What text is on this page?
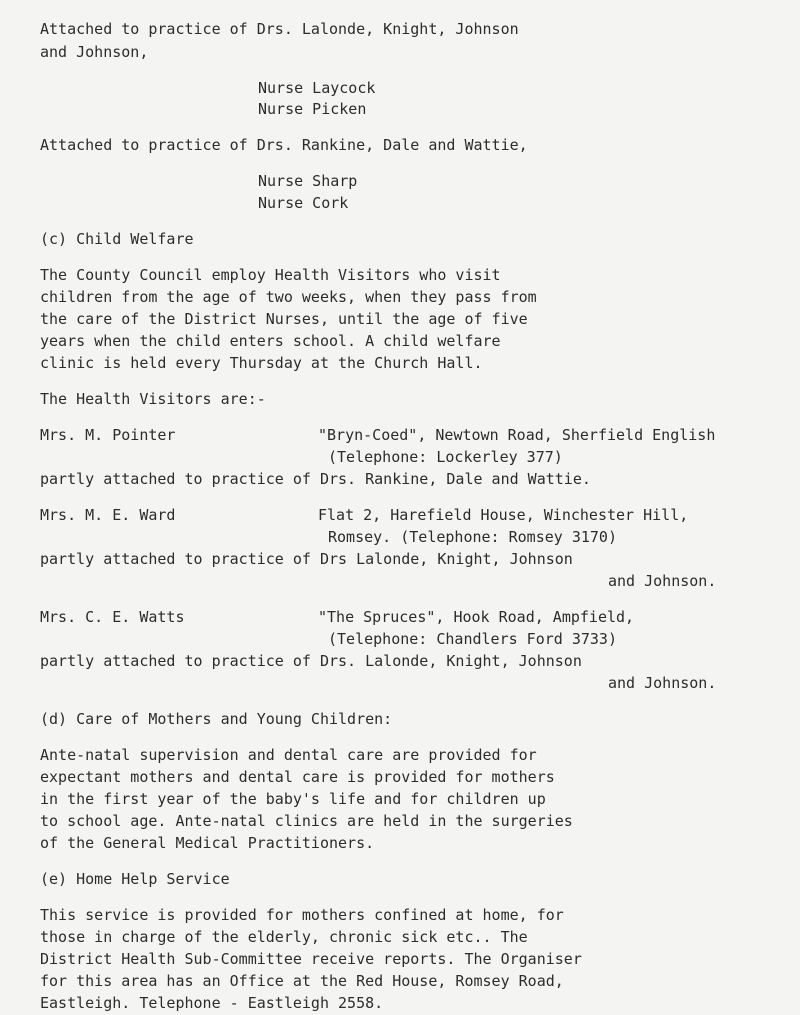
Attached to practice of Drs. Lalonde, Knight, Johnson
and Johnson,
Nurse Laycock
Nurse Picken
Attached to practice of Drs. Rankine, Dale and Wattie,
Nurse Sharp
Nurse Cork
(c) Child Welfare
The County Council employ Health Visitors who visit
children from the age of two weeks, when they pass from
the care of the District Nurses, until the age of five
years when the child enters school. A child welfare
clinic is held every Thursday at the Church Hall.
The Health Visitors are:-
Mrs. M. Pointer	"Bryn-Coed", Newtown Road, Sherfield English
(Telephone: Lockerley 377)
partly attached to practice of Drs. Rankine, Dale and Wattie.
Mrs. M. E. Ward	Flat 2, Harefield House, Winchester Hill,
Romsey. (Telephone: Romsey 3170)
partly attached to practice of Drs Lalonde, Knight, Johnson
and Johnson.
Mrs. C. E. Watts	"The Spruces", Hook Road, Ampfield,
(Telephone: Chandlers Ford 3733)
partly attached to practice of Drs. Lalonde, Knight, Johnson
and Johnson.
(d) Care of Mothers and Young Children:
Ante-natal supervision and dental care are provided for
expectant mothers and dental care is provided for mothers
in the first year of the baby's life and for children up
to school age. Ante-natal clinics are held in the surgeries
of the General Medical Practitioners.
(e) Home Help Service
This service is provided for mothers confined at home, for
those in charge of the elderly, chronic sick etc.. The
District Health Sub-Committee receive reports. The Organiser
for this area has an Office at the Red House, Romsey Road,
Eastleigh. Telephone - Eastleigh 2558.
